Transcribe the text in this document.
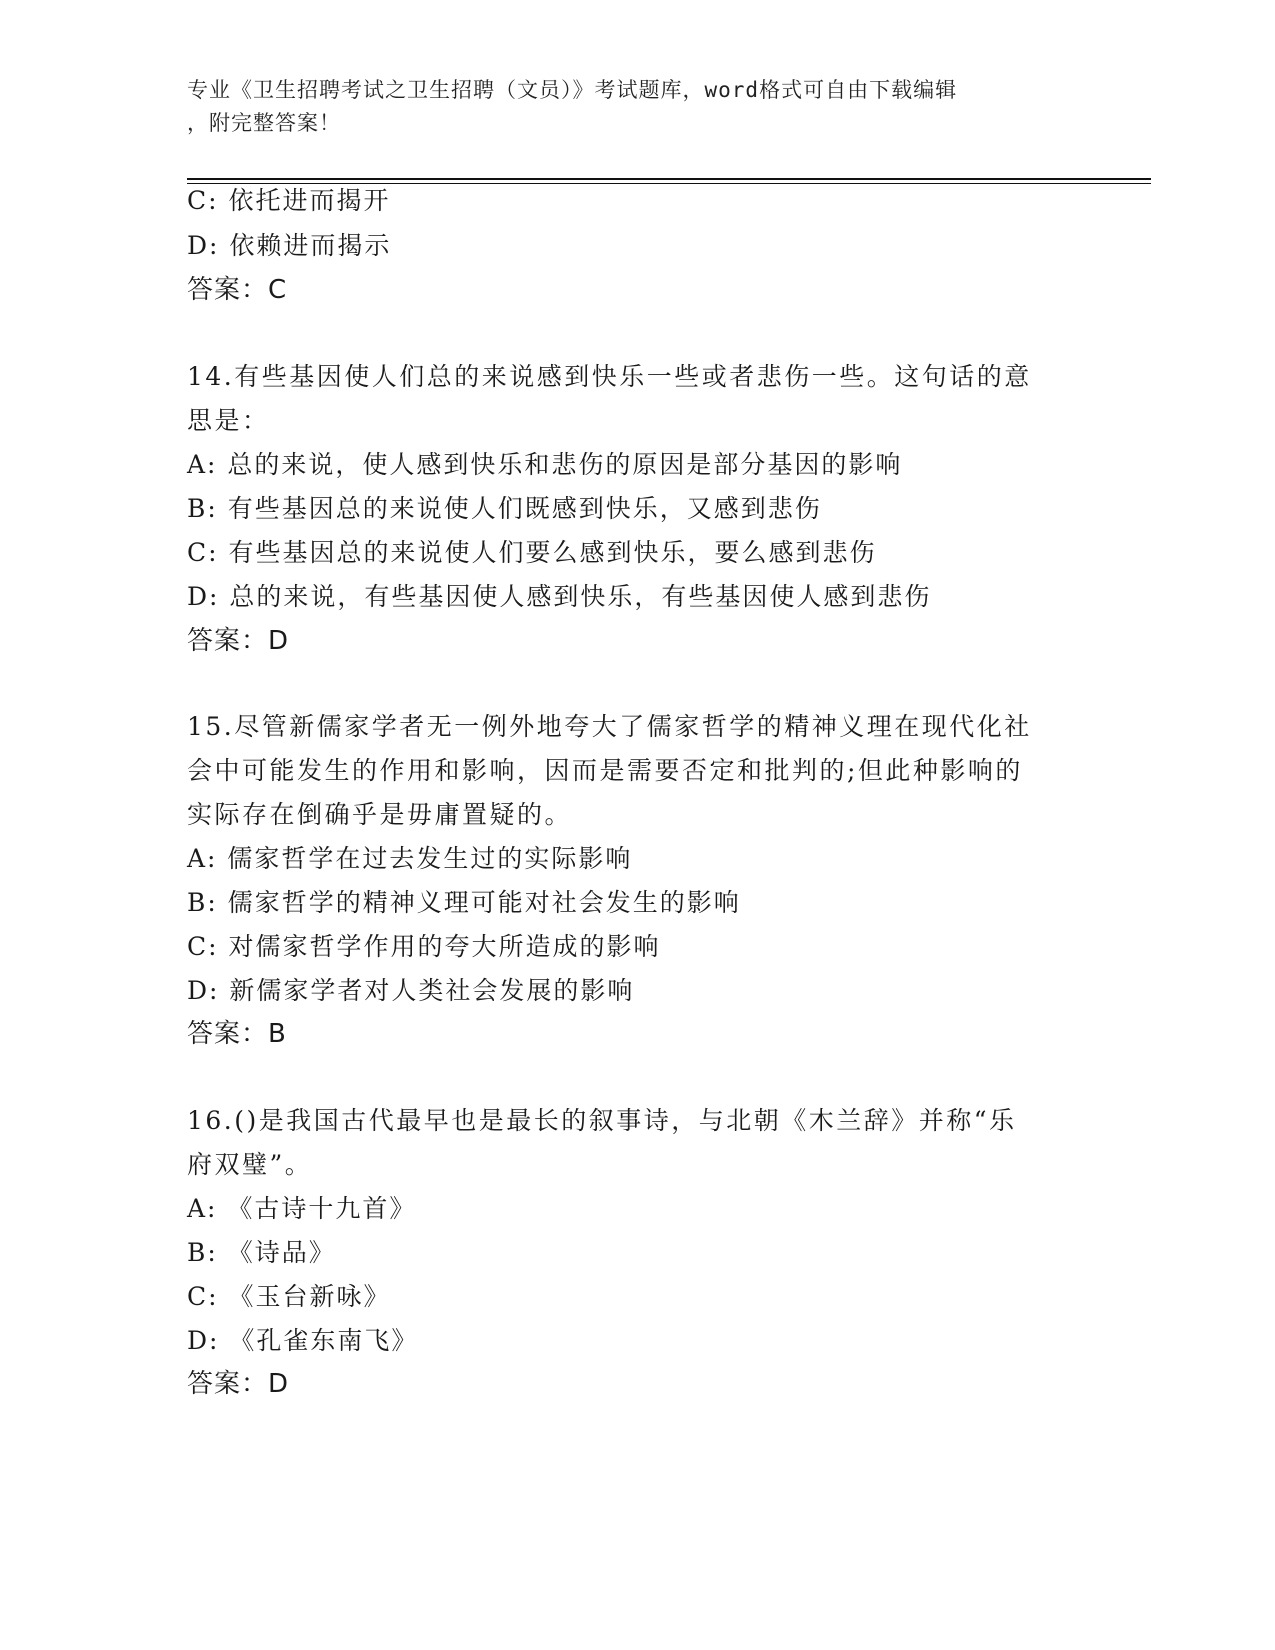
专业《卫生招聘考试之卫生招聘（文员）》考试题库，word格式可自由下载编辑
，附完整答案！
C: 依托进而揭开
D: 依赖进而揭示
答案：C
14.有些基因使人们总的来说感到快乐一些或者悲伤一些。这句话的意
思是：
A: 总的来说，使人感到快乐和悲伤的原因是部分基因的影响
B: 有些基因总的来说使人们既感到快乐，又感到悲伤
C: 有些基因总的来说使人们要么感到快乐，要么感到悲伤
D: 总的来说，有些基因使人感到快乐，有些基因使人感到悲伤
答案：D
15.尽管新儒家学者无一例外地夸大了儒家哲学的精神义理在现代化社
会中可能发生的作用和影响，因而是需要否定和批判的;但此种影响的
实际存在倒确乎是毋庸置疑的。
A: 儒家哲学在过去发生过的实际影响
B: 儒家哲学的精神义理可能对社会发生的影响
C: 对儒家哲学作用的夸大所造成的影响
D: 新儒家学者对人类社会发展的影响
答案：B
16.()是我国古代最早也是最长的叙事诗，与北朝《木兰辞》并称“乐
府双璧”。
A: 《古诗十九首》
B: 《诗品》
C: 《玉台新咏》
D: 《孔雀东南飞》
答案：D
